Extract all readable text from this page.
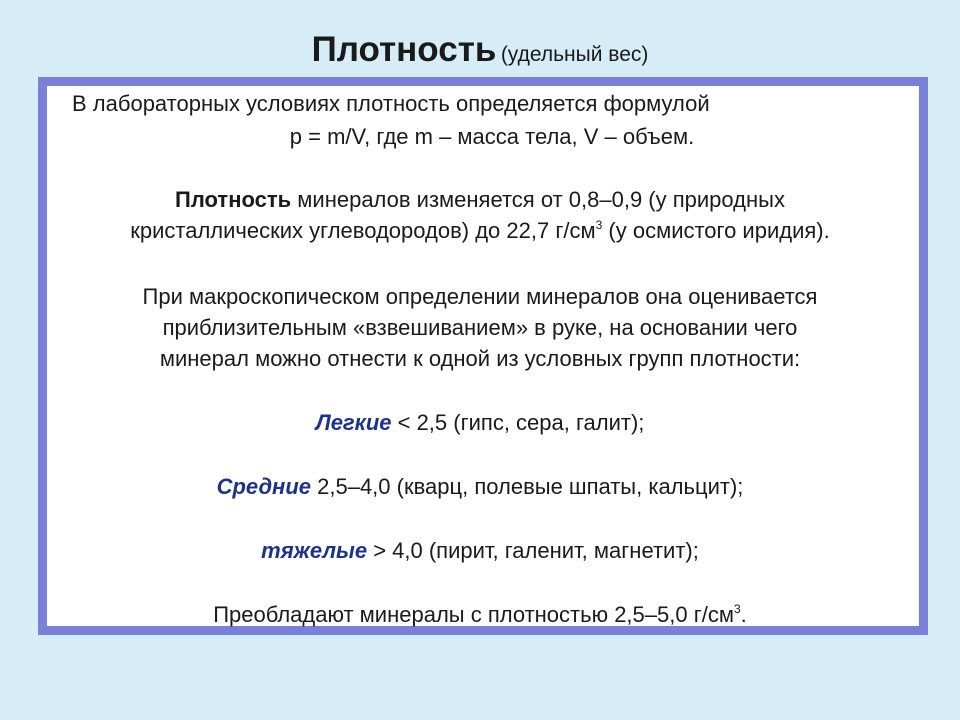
Плотность (удельный вес)
В лабораторных условиях плотность определяется формулой
p = m/V, где m – масса тела, V – объем.
Плотность минералов изменяется от 0,8–0,9 (у природных
кристаллических углеводородов) до 22,7 $г/см^3$ (у осмистого иридия).
При макроскопическом определении минералов она оценивается
приблизительным «взвешиванием» в руке, на основании чего
минерал можно отнести к одной из условных групп плотности:
Легкие < 2,5 (гипс, сера, галит);
Средние 2,5–4,0 (кварц, полевые шпаты, кальцит);
тяжелые > 4,0 (пирит, галенит, магнетит);
Преобладают минералы с плотностью 2,5–5,0 $г/см^3$.
